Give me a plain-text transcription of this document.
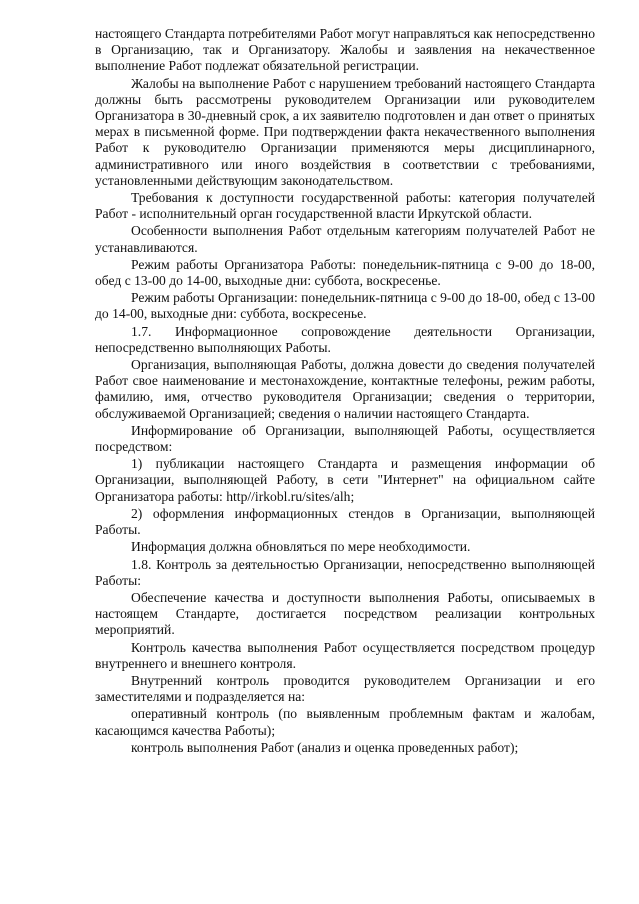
настоящего Стандарта потребителями Работ могут направляться как непосредственно в Организацию, так и Организатору. Жалобы и заявления на некачественное выполнение Работ подлежат обязательной регистрации.

Жалобы на выполнение Работ с нарушением требований настоящего Стандарта должны быть рассмотрены руководителем Организации или руководителем Организатора в 30-дневный срок, а их заявителю подготовлен и дан ответ о принятых мерах в письменной форме. При подтверждении факта некачественного выполнения Работ к руководителю Организации применяются меры дисциплинарного, административного или иного воздействия в соответствии с требованиями, установленными действующим законодательством.

Требования к доступности государственной работы: категория получателей Работ - исполнительный орган государственной власти Иркутской области.

Особенности выполнения Работ отдельным категориям получателей Работ не устанавливаются.

Режим работы Организатора Работы: понедельник-пятница с 9-00 до 18-00, обед с 13-00 до 14-00, выходные дни: суббота, воскресенье.

Режим работы Организации: понедельник-пятница с 9-00 до 18-00, обед с 13-00 до 14-00, выходные дни: суббота, воскресенье.

1.7. Информационное сопровождение деятельности Организации, непосредственно выполняющих Работы.

Организация, выполняющая Работы, должна довести до сведения получателей Работ свое наименование и местонахождение, контактные телефоны, режим работы, фамилию, имя, отчество руководителя Организации; сведения о территории, обслуживаемой Организацией; сведения о наличии настоящего Стандарта.

Информирование об Организации, выполняющей Работы, осуществляется посредством:

1) публикации настоящего Стандарта и размещения информации об Организации, выполняющей Работу, в сети "Интернет" на официальном сайте Организатора работы: http//irkobl.ru/sites/alh;

2) оформления информационных стендов в Организации, выполняющей Работы.

Информация должна обновляться по мере необходимости.

1.8. Контроль за деятельностью Организации, непосредственно выполняющей Работы:

Обеспечение качества и доступности выполнения Работы, описываемых в настоящем Стандарте, достигается посредством реализации контрольных мероприятий.

Контроль качества выполнения Работ осуществляется посредством процедур внутреннего и внешнего контроля.

Внутренний контроль проводится руководителем Организации и его заместителями и подразделяется на:

оперативный контроль (по выявленным проблемным фактам и жалобам, касающимся качества Работы);

контроль выполнения Работ (анализ и оценка проведенных работ);
